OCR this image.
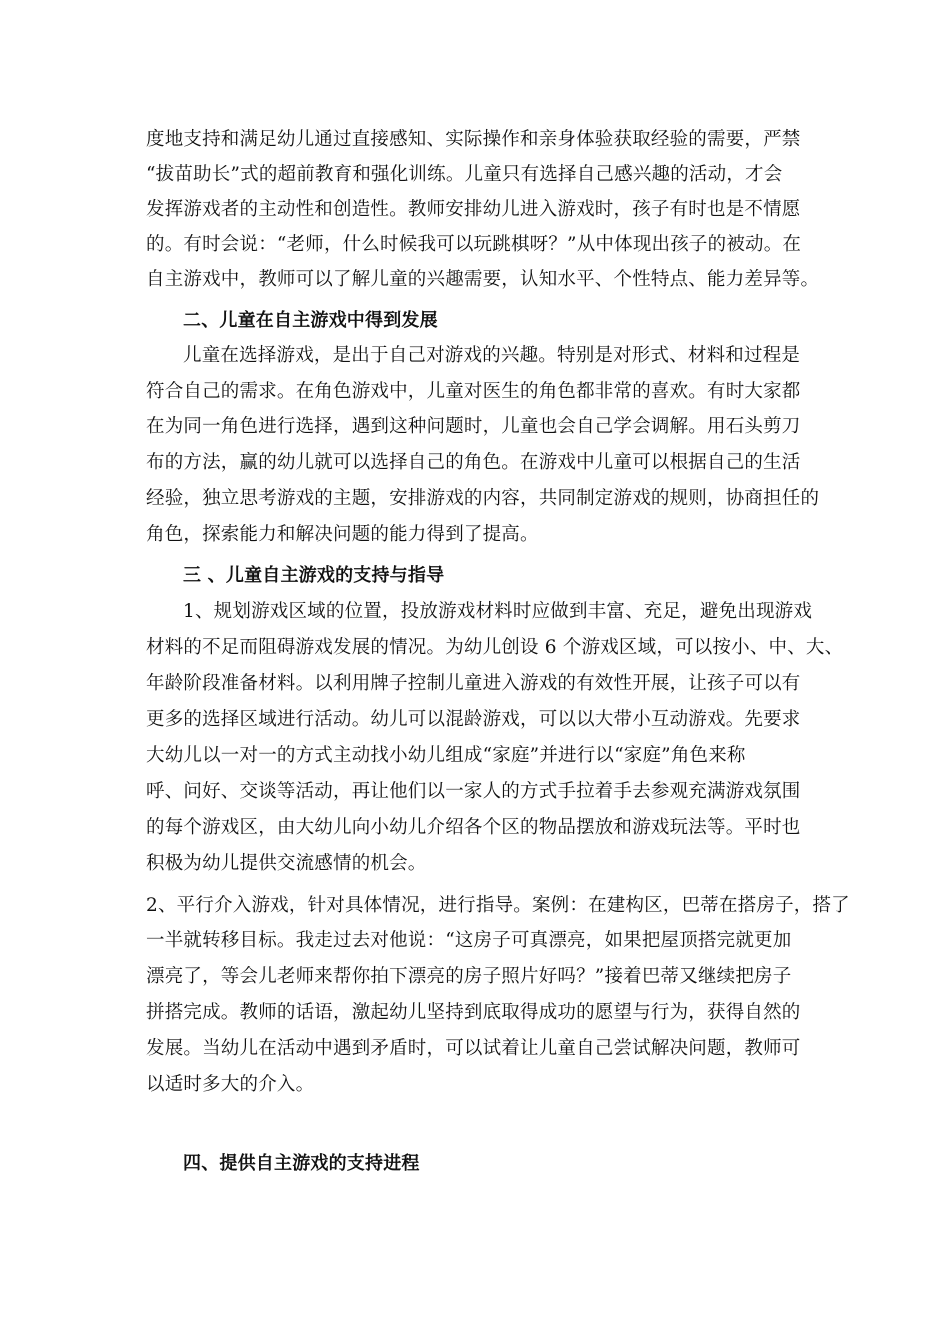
度地支持和满足幼儿通过直接感知、实际操作和亲身体验获取经验的需要，严禁
“拔苗助长”式的超前教育和强化训练。儿童只有选择自己感兴趣的活动，才会
发挥游戏者的主动性和创造性。教师安排幼儿进入游戏时，孩子有时也是不情愿
的。有时会说：“老师，什么时候我可以玩跳棋呀？”从中体现出孩子的被动。在
自主游戏中，教师可以了解儿童的兴趣需要，认知水平、个性特点、能力差异等。
二、儿童在自主游戏中得到发展
儿童在选择游戏，是出于自己对游戏的兴趣。特别是对形式、材料和过程是
符合自己的需求。在角色游戏中，儿童对医生的角色都非常的喜欢。有时大家都
在为同一角色进行选择，遇到这种问题时，儿童也会自己学会调解。用石头剪刀
布的方法，赢的幼儿就可以选择自己的角色。在游戏中儿童可以根据自己的生活
经验，独立思考游戏的主题，安排游戏的内容，共同制定游戏的规则，协商担任的
角色，探索能力和解决问题的能力得到了提高。
三 、儿童自主游戏的支持与指导
1、规划游戏区域的位置，投放游戏材料时应做到丰富、充足，避免出现游戏
材料的不足而阻碍游戏发展的情况。为幼儿创设 6 个游戏区域，可以按小、中、大、
年龄阶段准备材料。以利用牌子控制儿童进入游戏的有效性开展，让孩子可以有
更多的选择区域进行活动。幼儿可以混龄游戏，可以以大带小互动游戏。先要求
大幼儿以一对一的方式主动找小幼儿组成“家庭”并进行以“家庭”角色来称
呼、问好、交谈等活动，再让他们以一家人的方式手拉着手去参观充满游戏氛围
的每个游戏区，由大幼儿向小幼儿介绍各个区的物品摆放和游戏玩法等。平时也
积极为幼儿提供交流感情的机会。
2、平行介入游戏，针对具体情况，进行指导。案例：在建构区，巴蒂在搭房子，搭了
一半就转移目标。我走过去对他说：“这房子可真漂亮，如果把屋顶搭完就更加
漂亮了，等会儿老师来帮你拍下漂亮的房子照片好吗？”接着巴蒂又继续把房子
拼搭完成。教师的话语，激起幼儿坚持到底取得成功的愿望与行为，获得自然的
发展。当幼儿在活动中遇到矛盾时，可以试着让儿童自己尝试解决问题，教师可
以适时多大的介入。
四、提供自主游戏的支持进程
